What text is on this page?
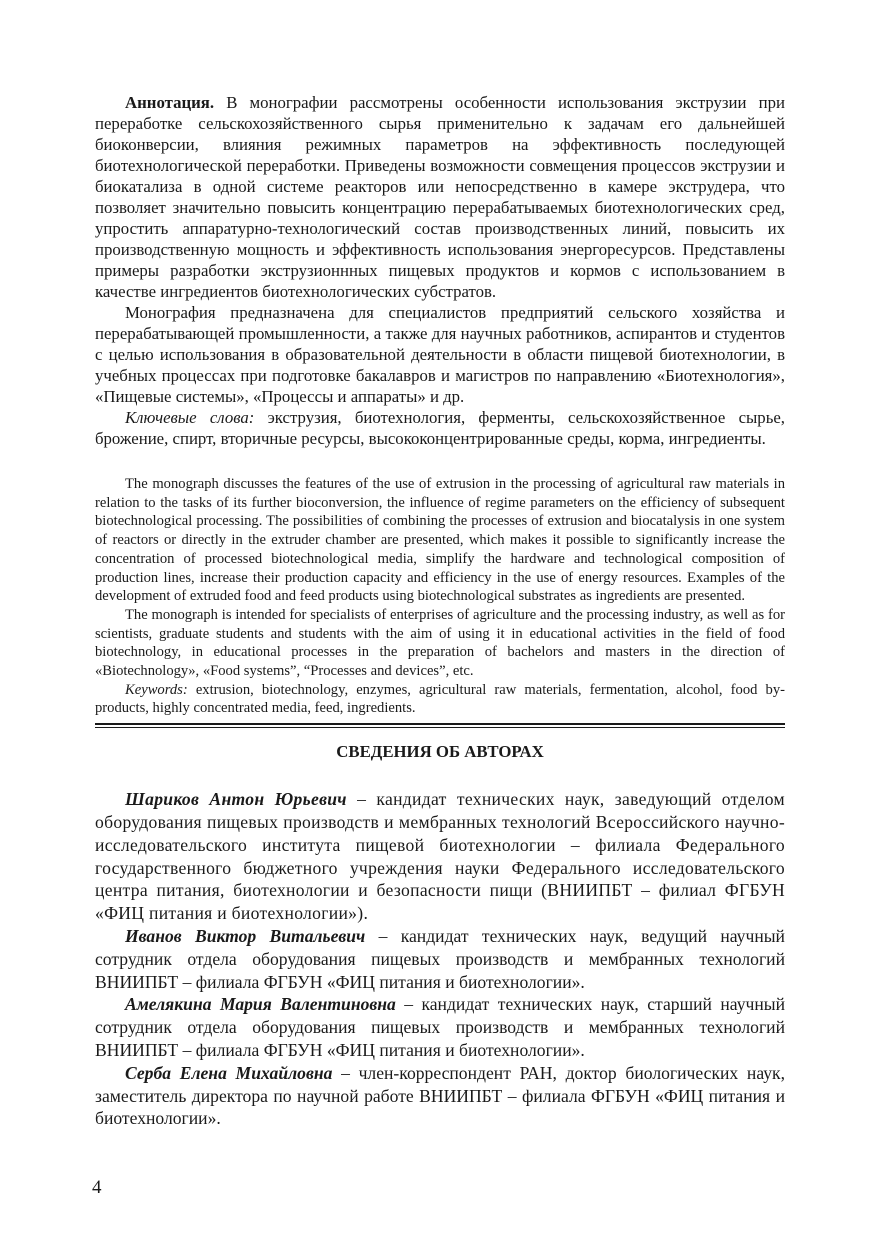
Аннотация. В монографии рассмотрены особенности использования экструзии при переработке сельскохозяйственного сырья применительно к задачам его дальнейшей биоконверсии, влияния режимных параметров на эффективность последующей биотехнологической переработки. Приведены возможности совмещения процессов экструзии и биокатализа в одной системе реакторов или непосредственно в камере экструдера, что позволяет значительно повысить концентрацию перерабатываемых биотехнологических сред, упростить аппаратурно-технологический состав производственных линий, повысить их производственную мощность и эффективность использования энергоресурсов. Представлены примеры разработки экструзионнных пищевых продуктов и кормов с использованием в качестве ингредиентов биотехнологических субстратов.

Монография предназначена для специалистов предприятий сельского хозяйства и перерабатывающей промышленности, а также для научных работников, аспирантов и студентов с целью использования в образовательной деятельности в области пищевой биотехнологии, в учебных процессах при подготовке бакалавров и магистров по направлению «Биотехнология», «Пищевые системы», «Процессы и аппараты» и др.

Ключевые слова: экструзия, биотехнология, ферменты, сельскохозяйственное сырье, брожение, спирт, вторичные ресурсы, высококонцентрированные среды, корма, ингредиенты.

The monograph discusses the features of the use of extrusion in the processing of agricultural raw materials in relation to the tasks of its further bioconversion, the influence of regime parameters on the efficiency of subsequent biotechnological processing. The possibilities of combining the processes of extrusion and biocatalysis in one system of reactors or directly in the extruder chamber are presented, which makes it possible to significantly increase the concentration of processed biotechnological media, simplify the hardware and technological composition of production lines, increase their production capacity and efficiency in the use of energy resources. Examples of the development of extruded food and feed products using biotechnological substrates as ingredients are presented.

The monograph is intended for specialists of enterprises of agriculture and the processing industry, as well as for scientists, graduate students and students with the aim of using it in educational activities in the field of food biotechnology, in educational processes in the preparation of bachelors and masters in the direction of «Biotechnology», «Food systems”, “Processes and devices”, etc.

Keywords: extrusion, biotechnology, enzymes, agricultural raw materials, fermentation, alcohol, food by-products, highly concentrated media, feed, ingredients.

СВЕДЕНИЯ ОБ АВТОРАХ

Шариков Антон Юрьевич – кандидат технических наук, заведующий отделом оборудования пищевых производств и мембранных технологий Всероссийского научно-исследовательского института пищевой биотехнологии – филиала Федерального государственного бюджетного учреждения науки Федерального исследовательского центра питания, биотехнологии и безопасности пищи (ВНИИПБТ – филиал ФГБУН «ФИЦ питания и биотехнологии»).

Иванов Виктор Витальевич – кандидат технических наук, ведущий научный сотрудник отдела оборудования пищевых производств и мембранных технологий ВНИИПБТ – филиала ФГБУН «ФИЦ питания и биотехнологии».

Амелякина Мария Валентиновна – кандидат технических наук, старший научный сотрудник отдела оборудования пищевых производств и мембранных технологий ВНИИПБТ – филиала ФГБУН «ФИЦ питания и биотехнологии».

Серба Елена Михайловна – член-корреспондент РАН, доктор биологических наук, заместитель директора по научной работе ВНИИПБТ – филиала ФГБУН «ФИЦ питания и биотехнологии».

4
